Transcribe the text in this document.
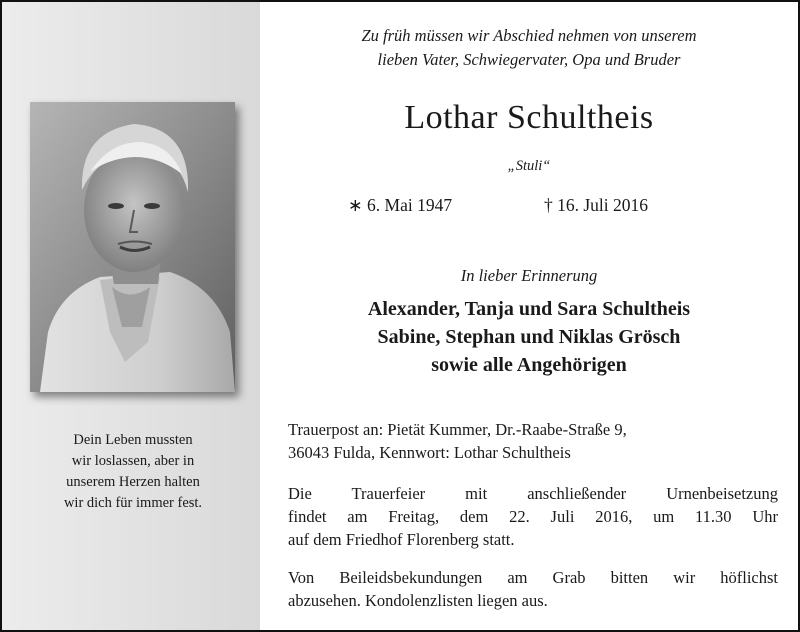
Dein Leben mussten
wir loslassen, aber in
unserem Herzen halten
wir dich für immer fest.
Zu früh müssen wir Abschied nehmen von unserem
lieben Vater, Schwiegervater, Opa und Bruder
Lothar Schultheis
„Stuli“
∗ 6. Mai 1947	† 16. Juli 2016
In lieber Erinnerung
Alexander, Tanja und Sara Schultheis
Sabine, Stephan und Niklas Grösch
sowie alle Angehörigen
Trauerpost an: Pietät Kummer, Dr.-Raabe-Straße 9,
36043 Fulda, Kennwort: Lothar Schultheis
Die Trauerfeier mit anschließender Urnenbeisetzung
findet am Freitag, dem 22. Juli 2016, um 11.30 Uhr
auf dem Friedhof Florenberg statt.
Von Beileidsbekundungen am Grab bitten wir höflichst
abzusehen. Kondolenzlisten liegen aus.
